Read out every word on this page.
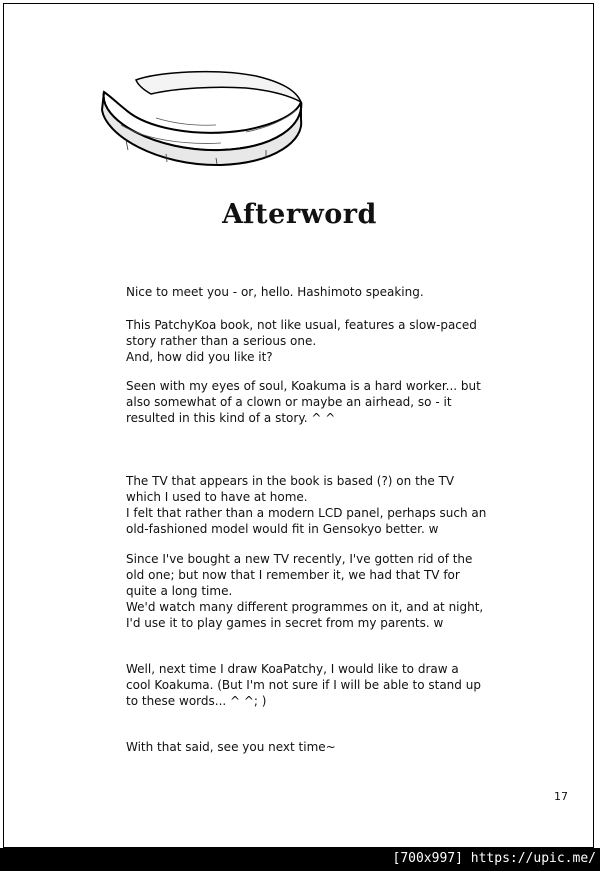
Afterword
Nice to meet you - or, hello. Hashimoto speaking.
This PatchyKoa book, not like usual, features a slow-paced
story rather than a serious one.
And, how did you like it?
Seen with my eyes of soul, Koakuma is a hard worker... but
also somewhat of a clown or maybe an airhead, so - it
resulted in this kind of a story. ^ ^
The TV that appears in the book is based (?) on the TV
which I used to have at home.
I felt that rather than a modern LCD panel, perhaps such an
old-fashioned model would fit in Gensokyo better. w
Since I've bought a new TV recently, I've gotten rid of the
old one; but now that I remember it, we had that TV for
quite a long time.
We'd watch many different programmes on it, and at night,
I'd use it to play games in secret from my parents. w
Well, next time I draw KoaPatchy, I would like to draw a
cool Koakuma. (But I'm not sure if I will be able to stand up
to these words... ^ ^; )
With that said, see you next time~
17
[700x997] https://upic.me/
